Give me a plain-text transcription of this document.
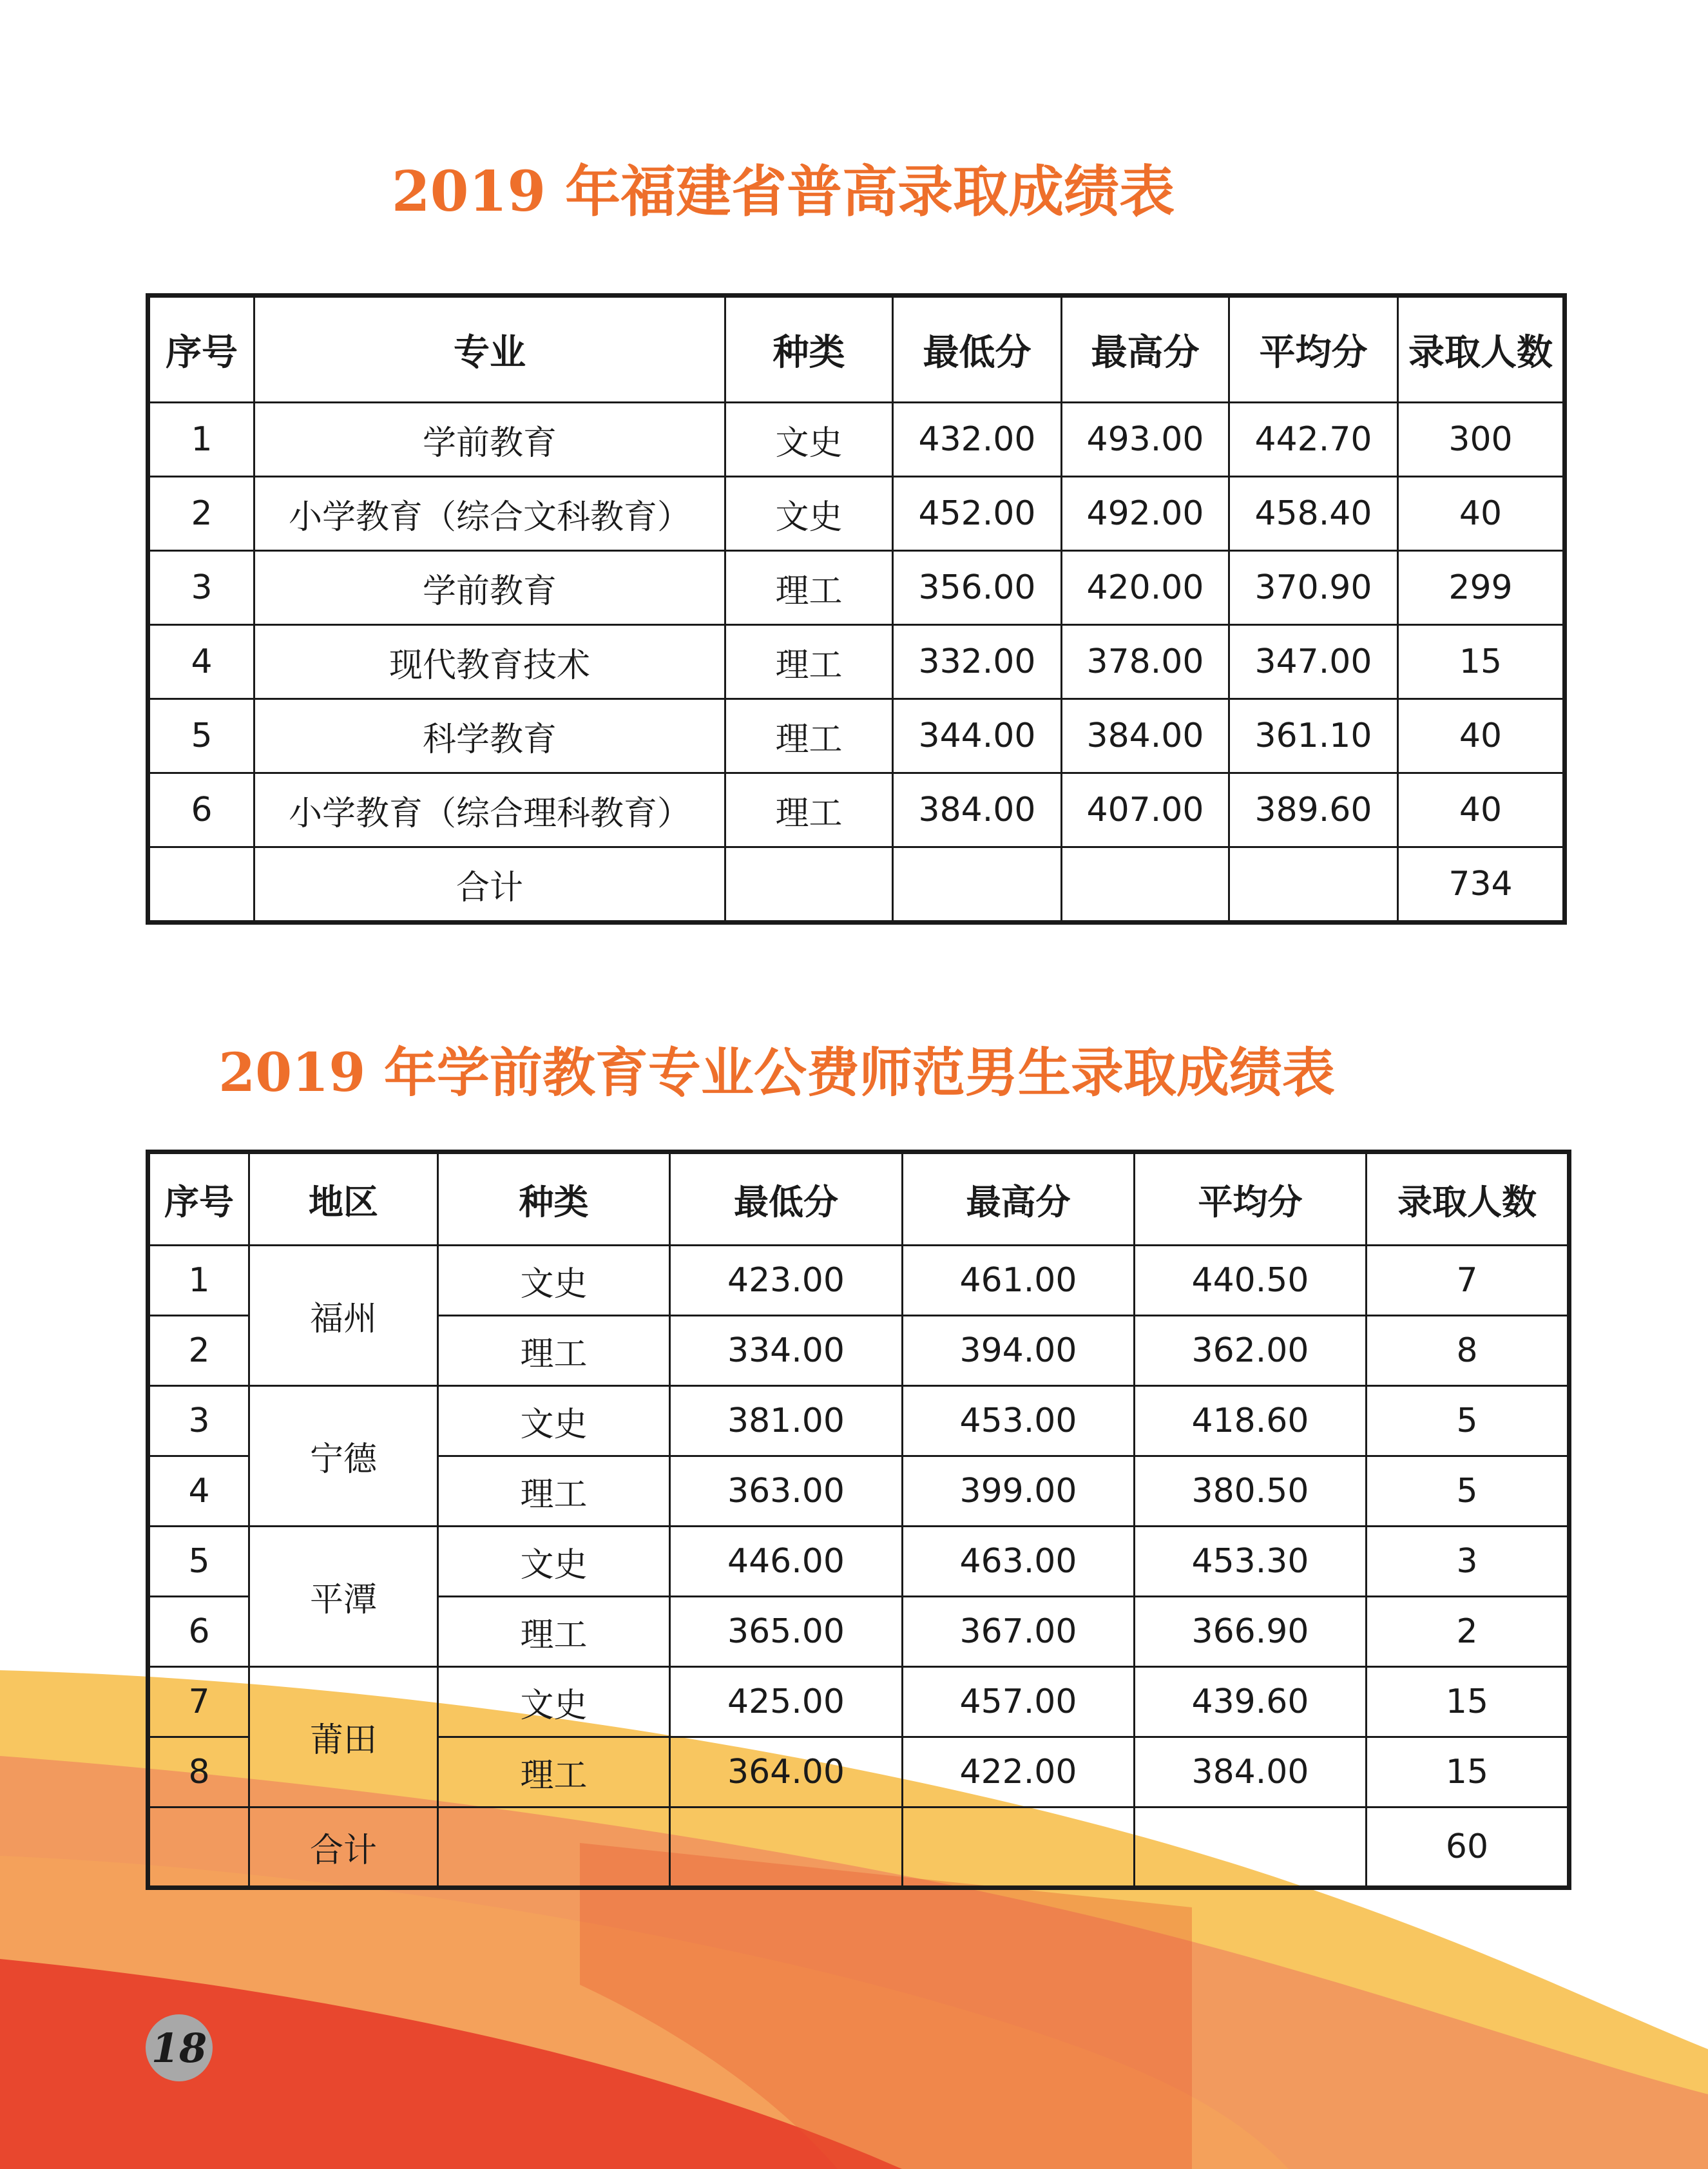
2019 年福建省普高录取成绩表
序号	专业	种类	最低分	最高分	平均分	录取人数
1	学前教育	文史	432.00	493.00	442.70	300
2	小学教育（综合文科教育）	文史	452.00	492.00	458.40	40
3	学前教育	理工	356.00	420.00	370.90	299
4	现代教育技术	理工	332.00	378.00	347.00	15
5	科学教育	理工	344.00	384.00	361.10	40
6	小学教育（综合理科教育）	理工	384.00	407.00	389.60	40
	合计					734
2019 年学前教育专业公费师范男生录取成绩表
序号	地区	种类	最低分	最高分	平均分	录取人数
1	福州	文史	423.00	461.00	440.50	7
2		理工	334.00	394.00	362.00	8
3	宁德	文史	381.00	453.00	418.60	5
4		理工	363.00	399.00	380.50	5
5	平潭	文史	446.00	463.00	453.30	3
6		理工	365.00	367.00	366.90	2
7	莆田	文史	425.00	457.00	439.60	15
8		理工	364.00	422.00	384.00	15
	合计					60
18
